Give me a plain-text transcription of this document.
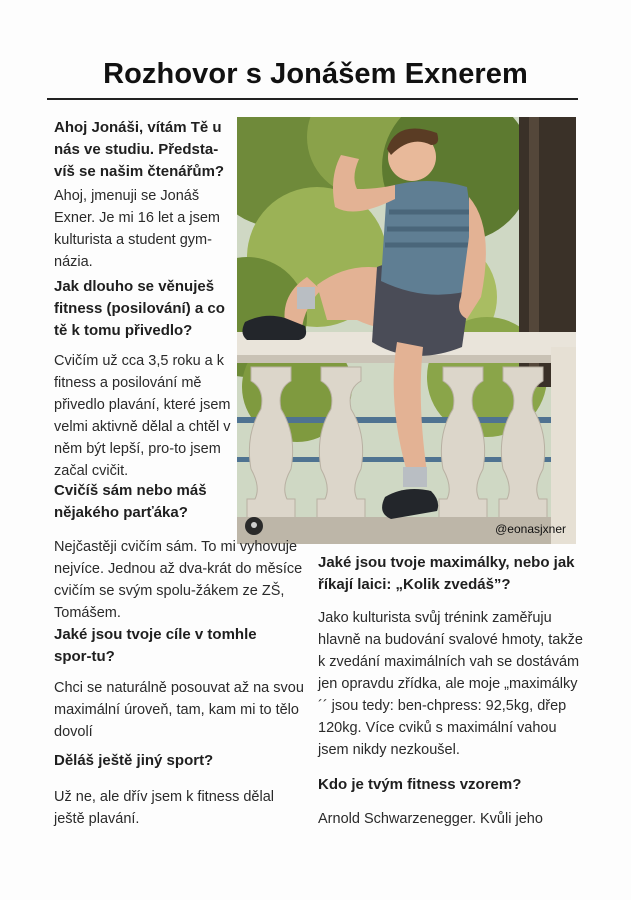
Rozhovor s Jonášem Exnerem
@eonasjxner

Ahoj Jonáši, vítám Tě u nás ve studiu. Předsta-víš se našim čtenářům?

Ahoj, jmenuji se Jonáš Exner. Je mi 16 let a jsem kulturista a student gym-názia.

Jak dlouho se věnuješ fitness (posilování) a co tě k tomu přivedlo?

Cvičím už cca 3,5 roku a k fitness a posilování mě přivedlo plavání, které jsem velmi aktivně dělal a chtěl v něm být lepší, pro-to jsem začal cvičit.

Cvičíš sám nebo máš nějakého parťáka?

Nejčastěji cvičím sám. To mi vyhovuje nejvíce. Jednou až dva-krát do měsíce cvičím se svým spolu-žákem ze ZŠ, Tomášem.

Jaké jsou tvoje cíle v tomhle spor-tu?

Chci se naturálně posouvat až na svou maximální úroveň, tam, kam mi to tělo dovolí

Děláš ještě jiný sport?

Už ne, ale dřív jsem k fitness dělal ještě plavání.

Jaké jsou tvoje maximálky, nebo jak říkají laici: „Kolik zvedáš”?

Jako kulturista svůj trénink zaměřuju hlavně na budování svalové hmoty, takže k zvedání maximálních vah se dostávám jen opravdu zřídka, ale moje „maximálky´´ jsou tedy: ben-chpress: 92,5kg, dřep 120kg. Více cviků s maximální vahou jsem nikdy nezkoušel.

Kdo je tvým fitness vzorem?

Arnold Schwarzenegger. Kvůli jeho
